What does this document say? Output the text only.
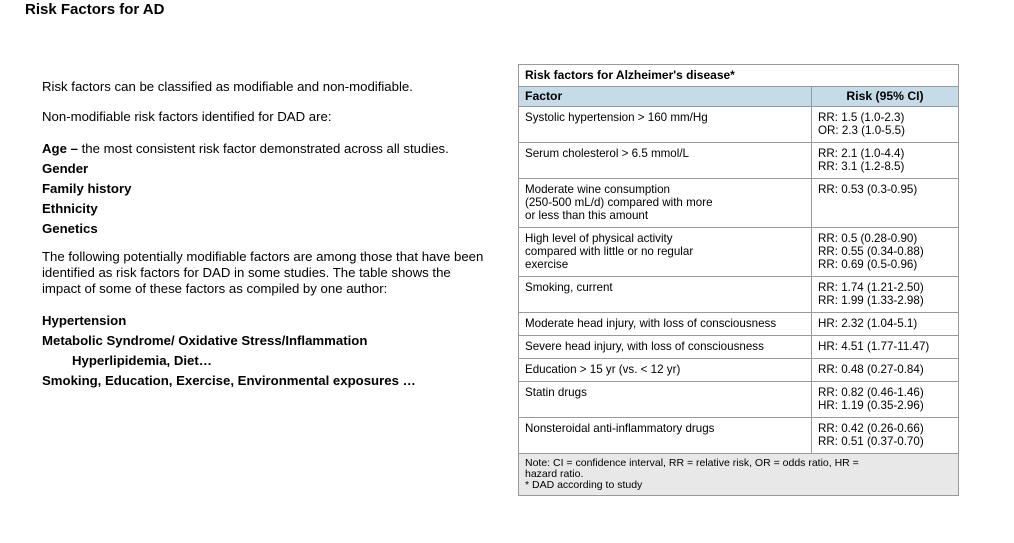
Risk Factors for AD

Risk factors can be classified as modifiable and non-modifiable.

Non-modifiable risk factors identified for DAD are:

Age – the most consistent risk factor demonstrated across all studies.
Gender
Family history
Ethnicity
Genetics

The following potentially modifiable factors are among those that have been identified as risk factors for DAD in some studies. The table shows the impact of some of these factors as compiled by one author:

Hypertension
Metabolic Syndrome/ Oxidative Stress/Inflammation
Hyperlipidemia, Diet…
Smoking, Education, Exercise, Environmental exposures …
Risk factors for Alzheimer's disease*	
Factor	Risk (95% CI)

Systolic hypertension > 160 mm/Hg	RR: 1.5 (1.0-2.3)
OR: 2.3 (1.0-5.5)

Serum cholesterol > 6.5 mmol/L	RR: 2.1 (1.0-4.4)
RR: 3.1 (1.2-8.5)

Moderate wine consumption
(250-500 mL/d) compared with more
or less than this amount	RR: 0.53 (0.3-0.95)

High level of physical activity
compared with little or no regular
exercise	RR: 0.5 (0.28-0.90)
RR: 0.55 (0.34-0.88)
RR: 0.69 (0.5-0.96)

Smoking, current	RR: 1.74 (1.21-2.50)
RR: 1.99 (1.33-2.98)

Moderate head injury, with loss of consciousness	HR: 2.32 (1.04-5.1)

Severe head injury, with loss of consciousness	HR: 4.51 (1.77-11.47)

Education > 15 yr (vs. < 12 yr)	RR: 0.48 (0.27-0.84)

Statin drugs	RR: 0.82 (0.46-1.46)
HR: 1.19 (0.35-2.96)

Nonsteroidal anti-inflammatory drugs	RR: 0.42 (0.26-0.66)
RR: 0.51 (0.37-0.70)

Note: CI = confidence interval, RR = relative risk, OR = odds ratio, HR =
hazard ratio.
* DAD according to study	
